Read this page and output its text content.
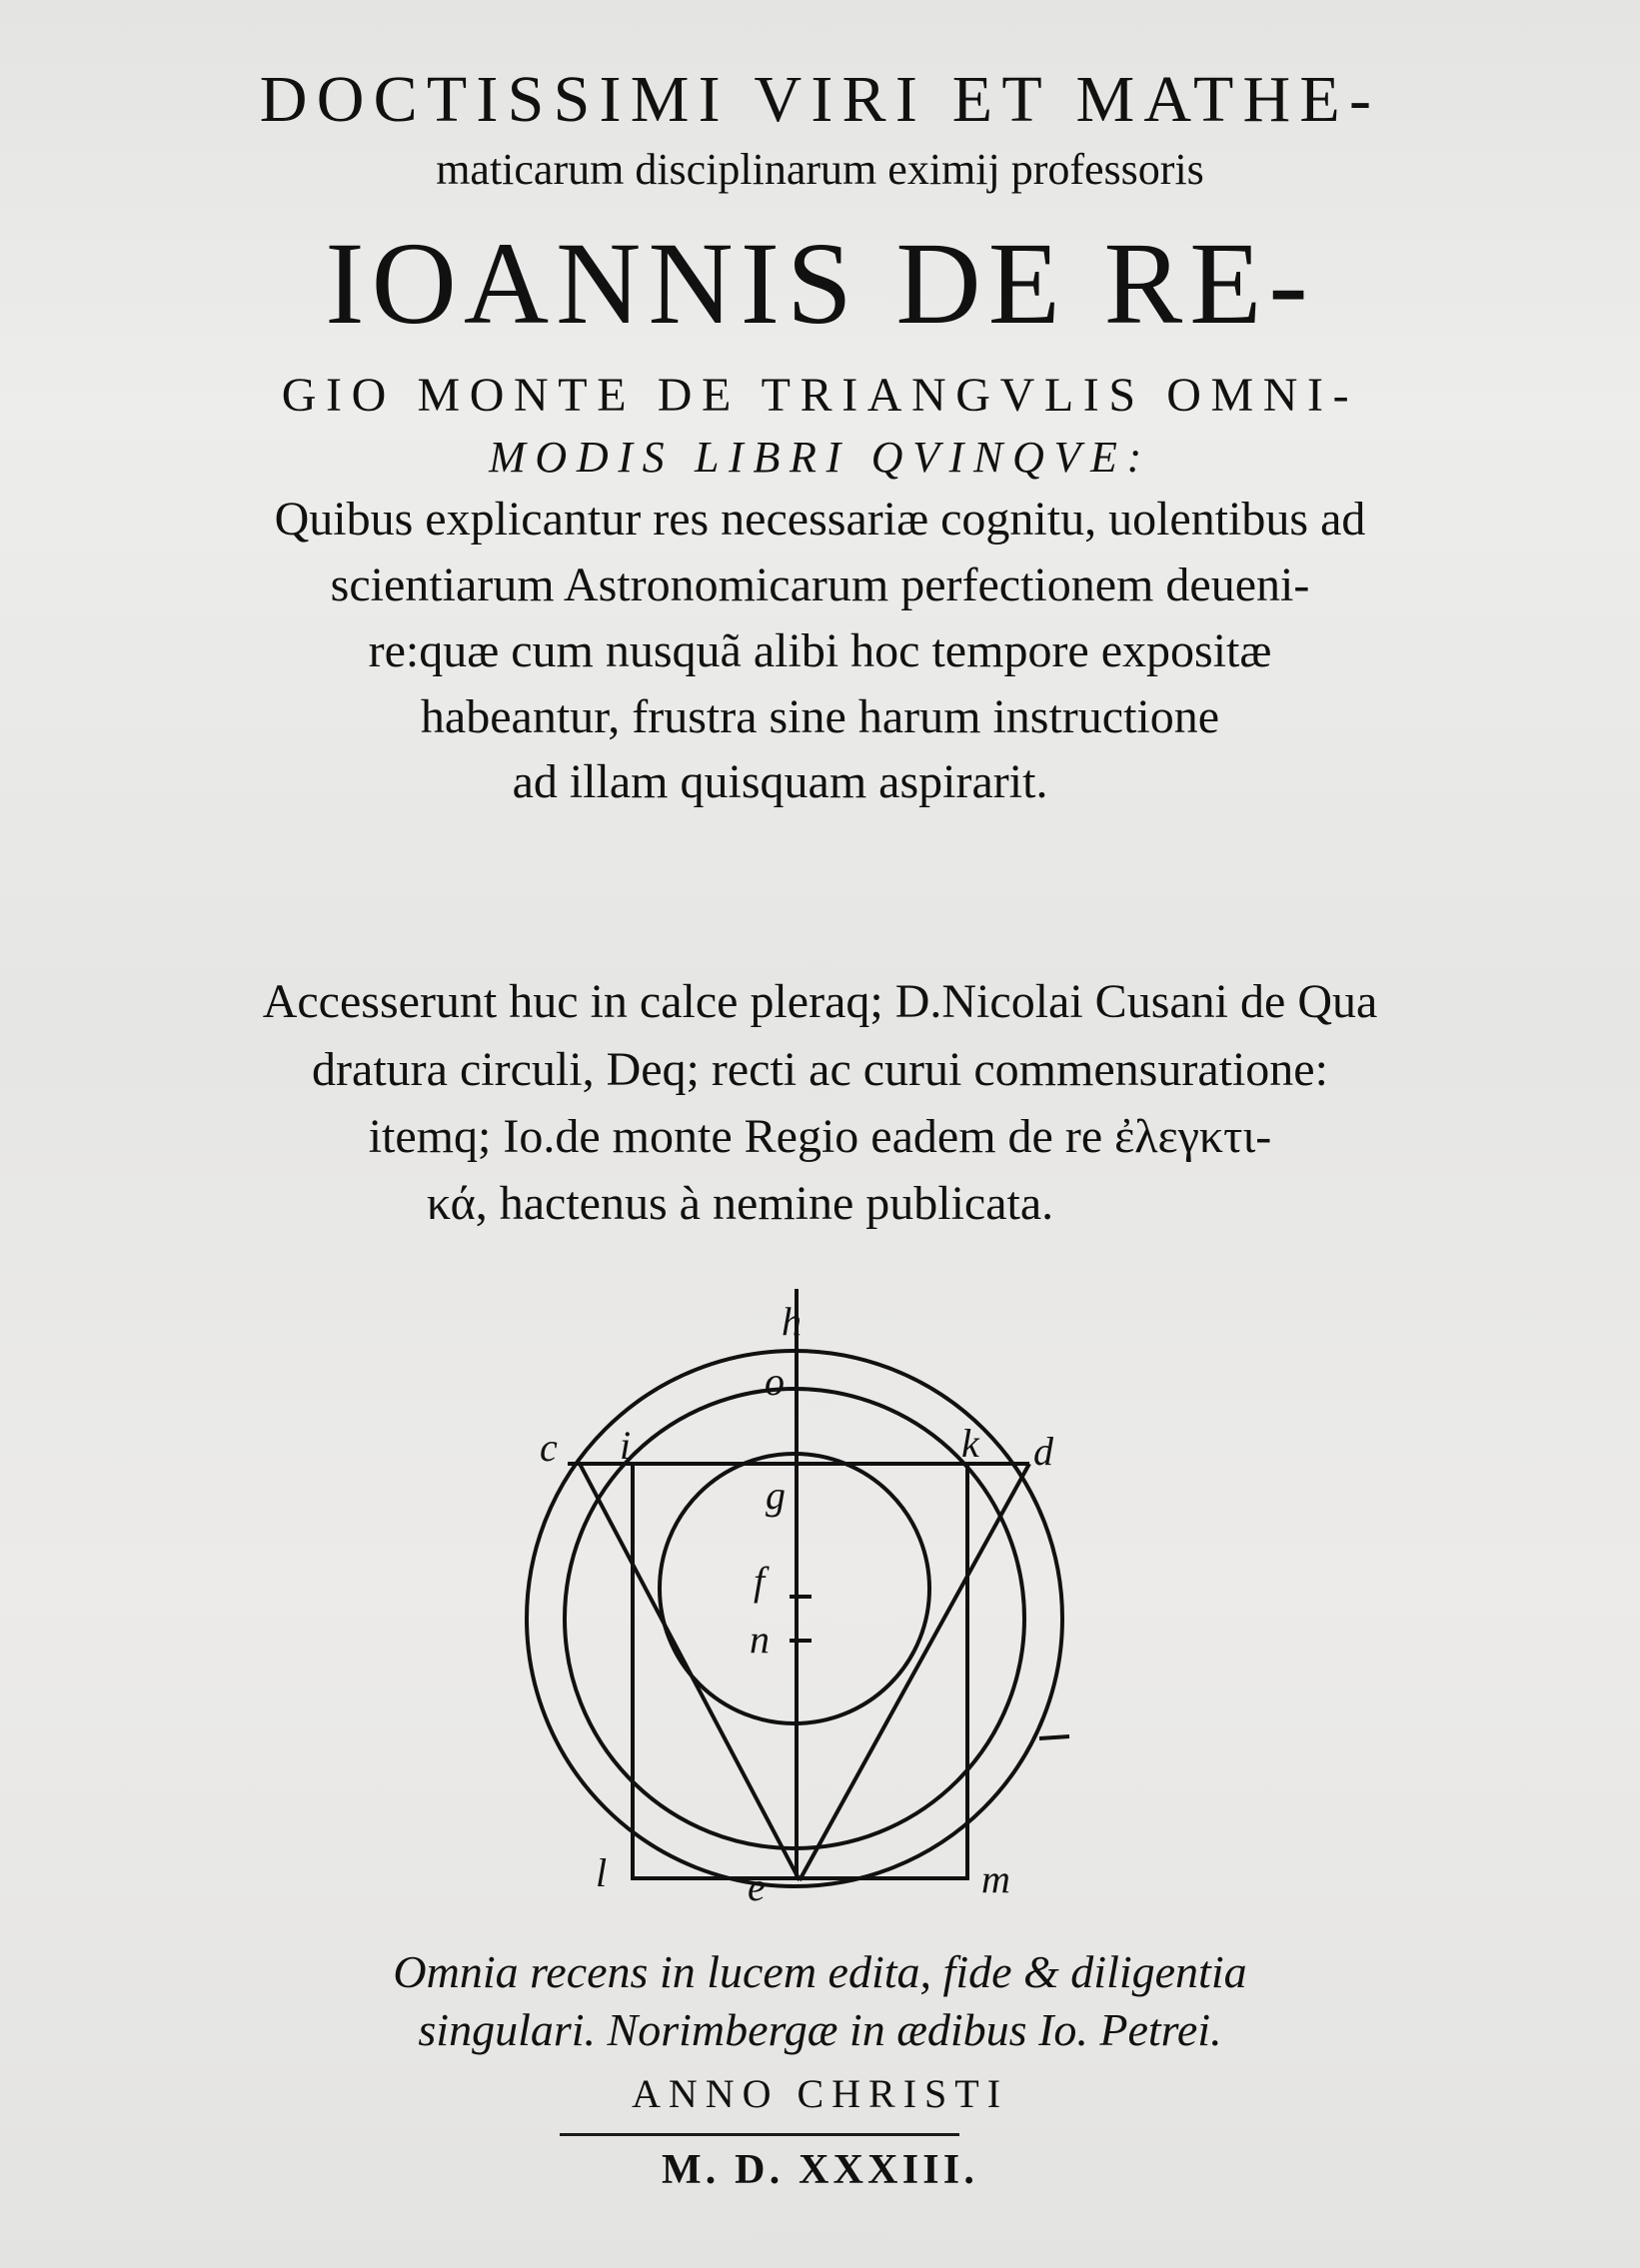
DOCTISSIMI VIRI ET MATHE-

maticarum disciplinarum eximij professoris

IOANNIS DE RE-

GIO MONTE DE TRIANGVLIS OMNI-

MODIS LIBRI QVINQVE:

Quibus explicantur res necessariæ cognitu, uolentibus ad

scientiarum Astronomicarum perfectionem deueni-

re:quæ cum nusquã alibi hoc tempore expositæ

habeantur, frustra sine harum instructione

ad illam quisquam aspirarit.

Accesserunt huc in calce pleraq; D.Nicolai Cusani de Qua

dratura circuli, Deq; recti ac curui commensuratione:

itemq; Io.de monte Regio eadem de re ἐλεγκτι-

κά, hactenus à nemine publicata.

h
o
c i	k d
g
f
n
l	e	m

Omnia recens in lucem edita, fide & diligentia

singulari. Norimbergæ in ædibus Io. Petrei.

ANNO CHRISTI

M. D. XXXIII.
